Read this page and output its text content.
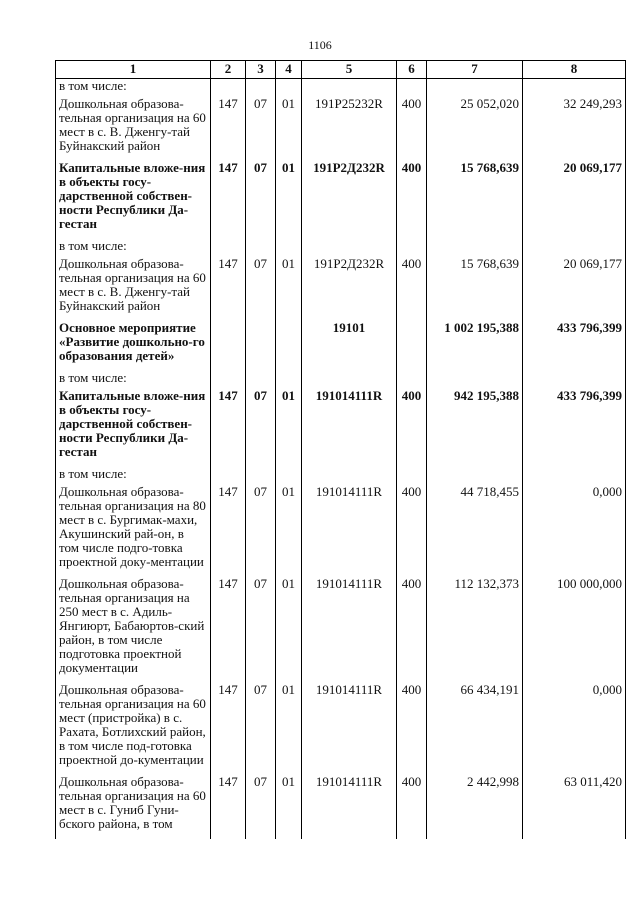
1106
1	2	3	4	5	6	7	8
в том числе:							
Дошкольная образова-тельная организация на 60 мест в с. В. Дженгу-тай Буйнакский район	147	07	01	191P25232R	400	25 052,020	32 249,293
Капитальные вложе-ния в объекты госу-дарственной собствен-ности Республики Да-гестан	147	07	01	191P2Д232R	400	15 768,639	20 069,177
в том числе:							
Дошкольная образова-тельная организация на 60 мест в с. В. Дженгу-тай Буйнакский район	147	07	01	191P2Д232R	400	15 768,639	20 069,177
Основное мероприятие «Развитие дошкольно-го образования детей»				19101		1 002 195,388	433 796,399
в том числе:							
Капитальные вложе-ния в объекты госу-дарственной собствен-ности Республики Да-гестан	147	07	01	191014111R	400	942 195,388	433 796,399
в том числе:							
Дошкольная образова-тельная организация на 80 мест в с. Бургимак-махи, Акушинский рай-он, в том числе подго-товка проектной доку-ментации	147	07	01	191014111R	400	44 718,455	0,000
Дошкольная образова-тельная организация на 250 мест в с. Адиль-Янгиюрт, Бабаюртов-ский район, в том числе подготовка проектной документации	147	07	01	191014111R	400	112 132,373	100 000,000
Дошкольная образова-тельная организация на 60 мест (пристройка) в с. Рахата, Ботлихский район, в том числе под-готовка проектной до-кументации	147	07	01	191014111R	400	66 434,191	0,000
Дошкольная образова-тельная организация на 60 мест в с. Гуниб Гуни-бского района, в том	147	07	01	191014111R	400	2 442,998	63 011,420
